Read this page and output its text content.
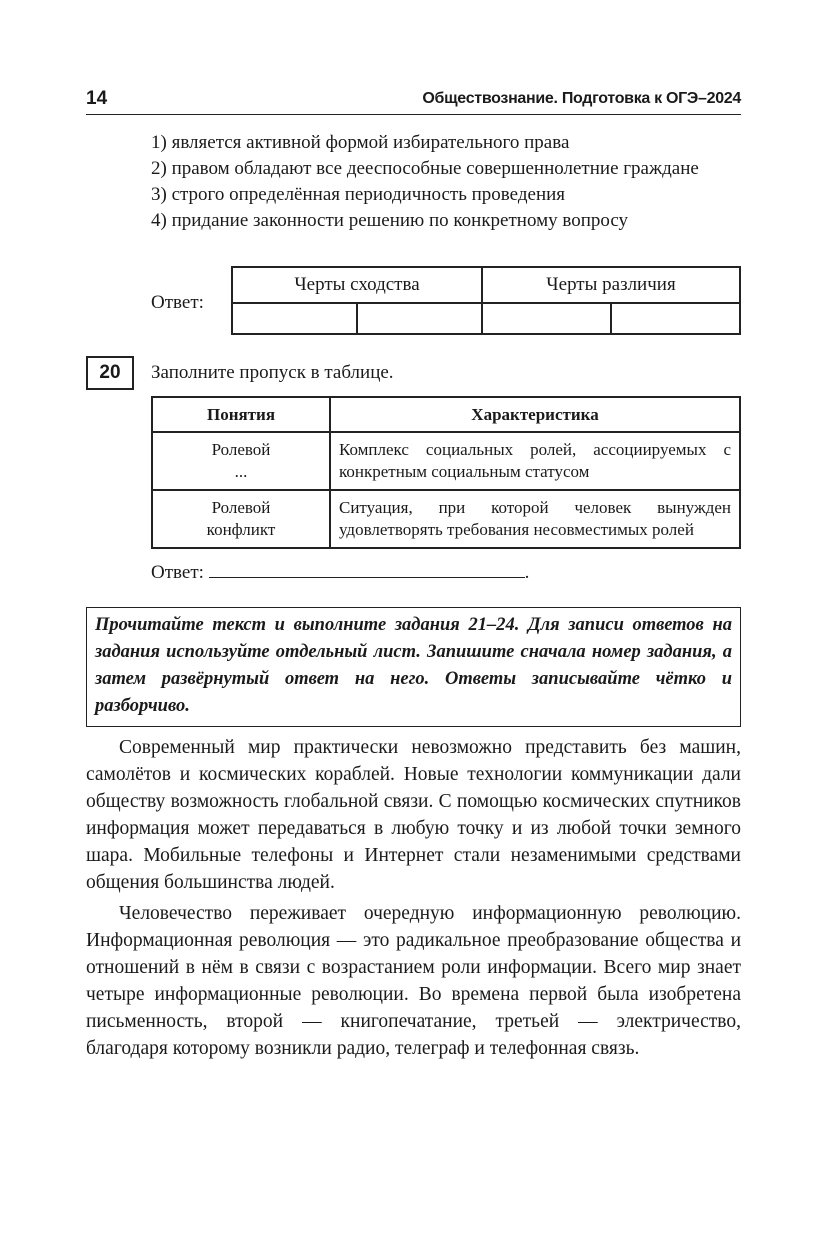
14	Обществознание. Подготовка к ОГЭ–2024
1) является активной формой избирательного права
2) правом обладают все дееспособные совершеннолетние граждане
3) строго определённая периодичность проведения
4) придание законности решению по конкретному вопросу
Ответ:
Черты сходства		Черты различия	

20	Заполните пропуск в таблице.
Понятия	Характеристика

Ролевой
...	Комплекс социальных ролей, ассоциируемых с конкретным социальным статусом

Ролевой
конфликт	Ситуация, при которой человек вынужден удовлетворять требования несовместимых ролей
Ответ:	.
Прочитайте текст и выполните задания 21–24. Для записи ответов на задания используйте отдельный лист. Запишите сначала номер задания, а затем развёрнутый ответ на него. Ответы записывайте чётко и разборчиво.

Современный мир практически невозможно представить без машин, самолётов и космических кораблей. Новые технологии коммуникации дали обществу возможность глобальной связи. С помощью космических спутников информация может передаваться в любую точку и из любой точки земного шара. Мобильные телефоны и Интернет стали незаменимыми средствами общения большинства людей.

Человечество переживает очередную информационную революцию. Информационная революция — это радикальное преобразование общества и отношений в нём в связи с возрастанием роли информации. Всего мир знает четыре информационные революции. Во времена первой была изобретена письменность, второй — книгопечатание, третьей — электричество, благодаря которому возникли радио, телеграф и телефонная связь.
